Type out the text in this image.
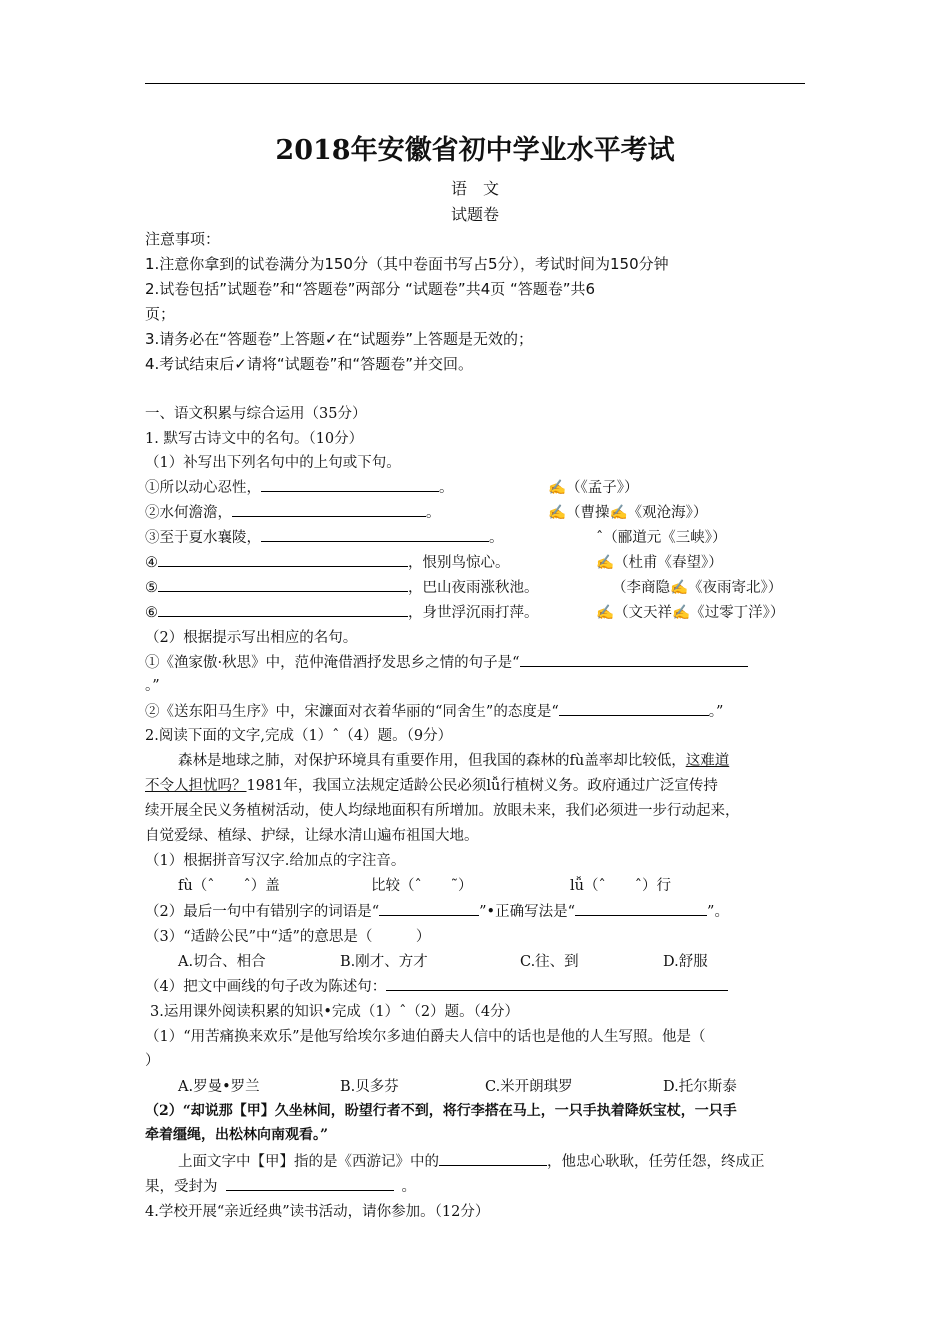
2018年安徽省初中学业水平考试
语　文
试题卷
注意事项：
1.注意你拿到的试卷满分为150分（其中卷面书写占5分），考试时间为150分钟
2.试卷包括”试题卷”和“答题卷”两部分 “试题卷”共4页 “答题卷”共6
页；
3.请务必在“答题卷”上答题✓在“试题券”上答题是无效的；
4.考试结束后✓请将“试题卷”和“答题卷”并交回。
一、语文积累与综合运用（35分）
1. 默写古诗文中的名句。（10分）
（1）补写出下列名句中的上句或下句。
①所以动心忍性，	。	✍（《孟子》）
②水何澹澹，	。	✍（曹操✍《观沧海》）
③至于夏水襄陵，	。	ˆ（郦道元《三峡》）
④	，恨别鸟惊心。	✍（杜甫《春望》）
⑤	，巴山夜雨涨秋池。	（李商隐✍《夜雨寄北》）
⑥	，身世浮沉雨打萍。	✍（文天祥✍《过零丁洋》）
（2）根据提示写出相应的名句。
①《渔家傲·秋思》中，范仲淹借酒抒发思乡之情的句子是“
。”
②《送东阳马生序》中，宋濂面对衣着华丽的“同舍生”的态度是“	。”
2.阅读下面的文字,完成（1）ˆ（4）题。（9分）
森林是地球之肺，对保护环境具有重要作用，但我国的森林的fù盖率却比较低，这难道
不令人担忧吗？1981年，我国立法规定适龄公民必须lǚ行植树义务。政府通过广泛宣传持
续开展全民义务植树活动，使人均绿地面积有所增加。放眼未来，我们必须进一步行动起来，
自觉爱绿、植绿、护绿，让绿水清山遍布祖国大地。
（1）根据拼音写汉字.给加点的字注音。
fù（ˆ　　ˆ）盖	比较（ˆ　　˜）	lǚ（ˆ　　ˆ）行
（2）最后一句中有错别字的词语是“	”•正确写法是“	”。
（3）“适龄公民”中“适”的意思是（　　　）
A.切合、相合	B.刚才、方才	C.往、到	D.舒服
（4）把文中画线的句子改为陈述句：
3.运用课外阅读积累的知识•完成（1）ˆ（2）题。（4分）
（1）“用苦痛换来欢乐”是他写给埃尔多迪伯爵夫人信中的话也是他的人生写照。他是（
）
A.罗曼•罗兰	B.贝多芬	C.米开朗琪罗	D.托尔斯泰
（2）“却说那【甲】久坐林间，盼望行者不到，将行李搭在马上，一只手执着降妖宝杖，一只手
牵着缰绳，出松林向南观看。”
上面文字中【甲】指的是《西游记》中的	，他忠心耿耿，任劳任怨，终成正
果，受封为	。
4.学校开展“亲近经典”读书活动，请你参加。（12分）
